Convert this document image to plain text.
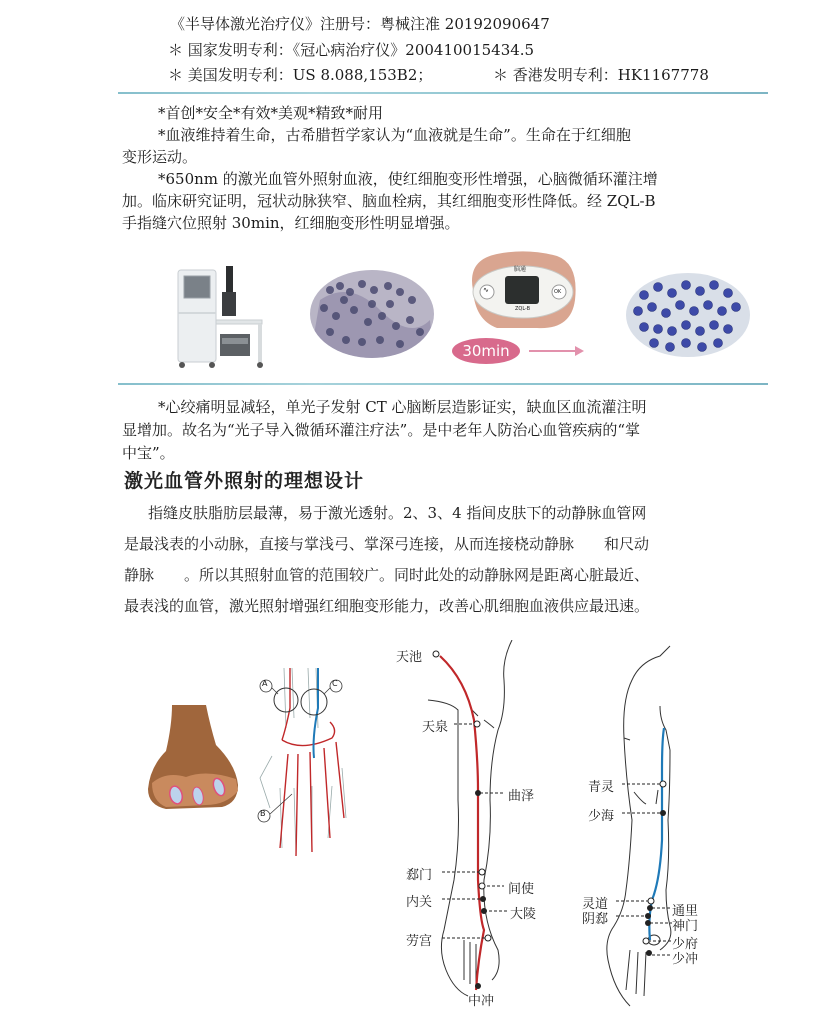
《半导体激光治疗仪》注册号：粤械注准 20192090647
＊ 国家发明专利：《冠心病治疗仪》200410015434.5
＊ 美国发明专利：US 8.088,153B2；	＊ 香港发明专利：HK1167778
*首创*安全*有效*美观*精致*耐用
*血液维持着生命，古希腊哲学家认为“血液就是生命”。生命在于红细胞
变形运动。
*650nm 的激光血管外照射血液，使红细胞变形性增强，心脑微循环灌注增
加。临床研究证明，冠状动脉狭窄、脑血栓病，其红细胞变形性降低。经 ZQL-B
手指缝穴位照射 30min，红细胞变形性明显增强。
脑通
ZQL-B
∿	OK
30min
*心绞痛明显减轻，单光子发射 CT 心脑断层造影证实，缺血区血流灌注明
显增加。故名为“光子导入微循环灌注疗法”。是中老年人防治心血管疾病的“掌
中宝”。
激光血管外照射的理想设计
指缝皮肤脂肪层最薄，易于激光透射。2、3、4 指间皮肤下的动静脉血管网
是最浅表的小动脉，直接与掌浅弓、掌深弓连接，从而连接桡动静脉　　和尺动
静脉　　。所以其照射血管的范围较广。同时此处的动静脉网是距离心脏最近、
最表浅的血管，激光照射增强红细胞变形能力，改善心肌细胞血液供应最迅速。
A	C
B
天池
天泉
曲泽
郄门
间使
内关
大陵
劳宫
中冲
青灵
少海
灵道	通里
阴郄	神门
少府
少冲
